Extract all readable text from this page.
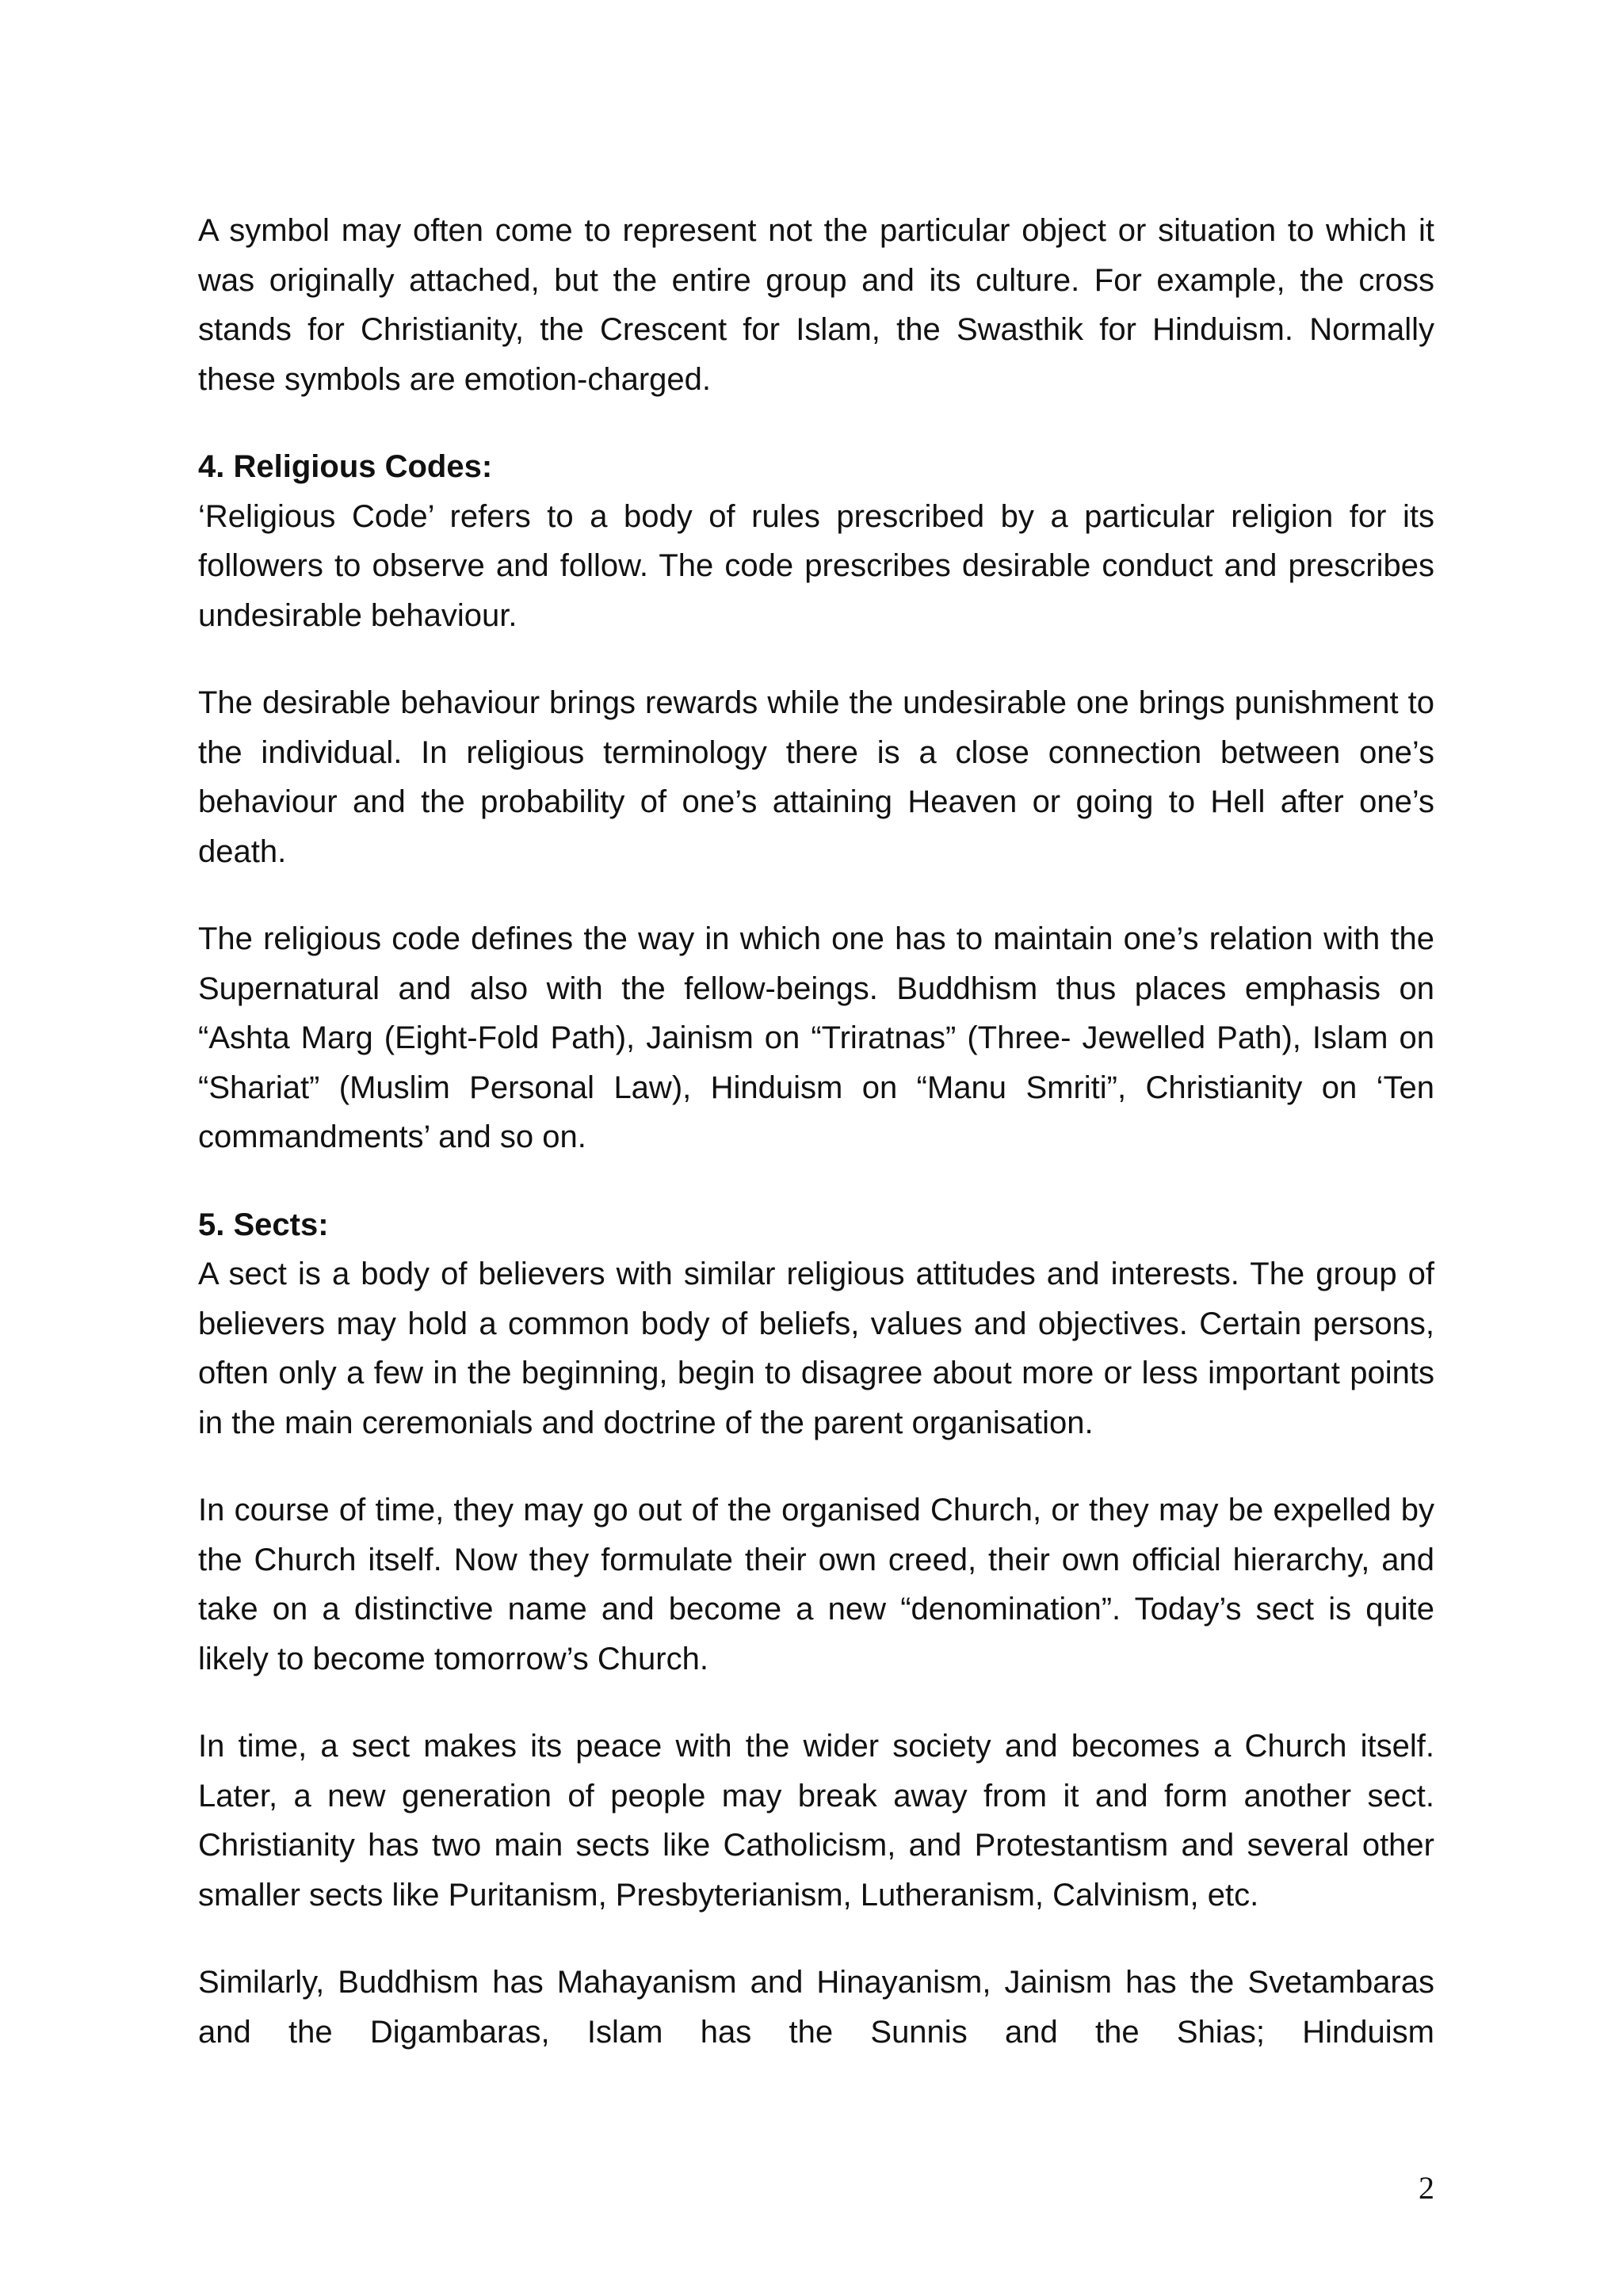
A symbol may often come to represent not the particular object or situation to which it was originally attached, but the entire group and its culture. For example, the cross stands for Christianity, the Crescent for Islam, the Swasthik for Hinduism. Normally these symbols are emotion-charged.

4. Religious Codes:

‘Religious Code’ refers to a body of rules prescribed by a particular religion for its followers to observe and follow. The code prescribes desirable conduct and prescribes undesirable behaviour.

The desirable behaviour brings rewards while the undesirable one brings punishment to the individual. In religious terminology there is a close connection between one’s behaviour and the probability of one’s attaining Heaven or going to Hell after one’s death.

The religious code defines the way in which one has to maintain one’s relation with the Supernatural and also with the fellow-beings. Buddhism thus places emphasis on “Ashta Marg (Eight-Fold Path), Jainism on “Triratnas” (Three- Jewelled Path), Islam on “Shariat” (Muslim Personal Law), Hinduism on “Manu Smriti”, Christianity on ‘Ten commandments’ and so on.

5. Sects:

A sect is a body of believers with similar religious attitudes and interests. The group of believers may hold a common body of beliefs, values and objectives. Certain persons, often only a few in the beginning, begin to disagree about more or less important points in the main ceremonials and doctrine of the parent organisation.

In course of time, they may go out of the organised Church, or they may be expelled by the Church itself. Now they formulate their own creed, their own official hierarchy, and take on a distinctive name and become a new “denomination”. Today’s sect is quite likely to become tomorrow’s Church.

In time, a sect makes its peace with the wider society and becomes a Church itself. Later, a new generation of people may break away from it and form another sect. Christianity has two main sects like Catholicism, and Protestantism and several other smaller sects like Puritanism, Presbyterianism, Lutheranism, Calvinism, etc.

Similarly, Buddhism has Mahayanism and Hinayanism, Jainism has the Svetambaras and the Digambaras, Islam has the Sunnis and the Shias; Hinduism

2
